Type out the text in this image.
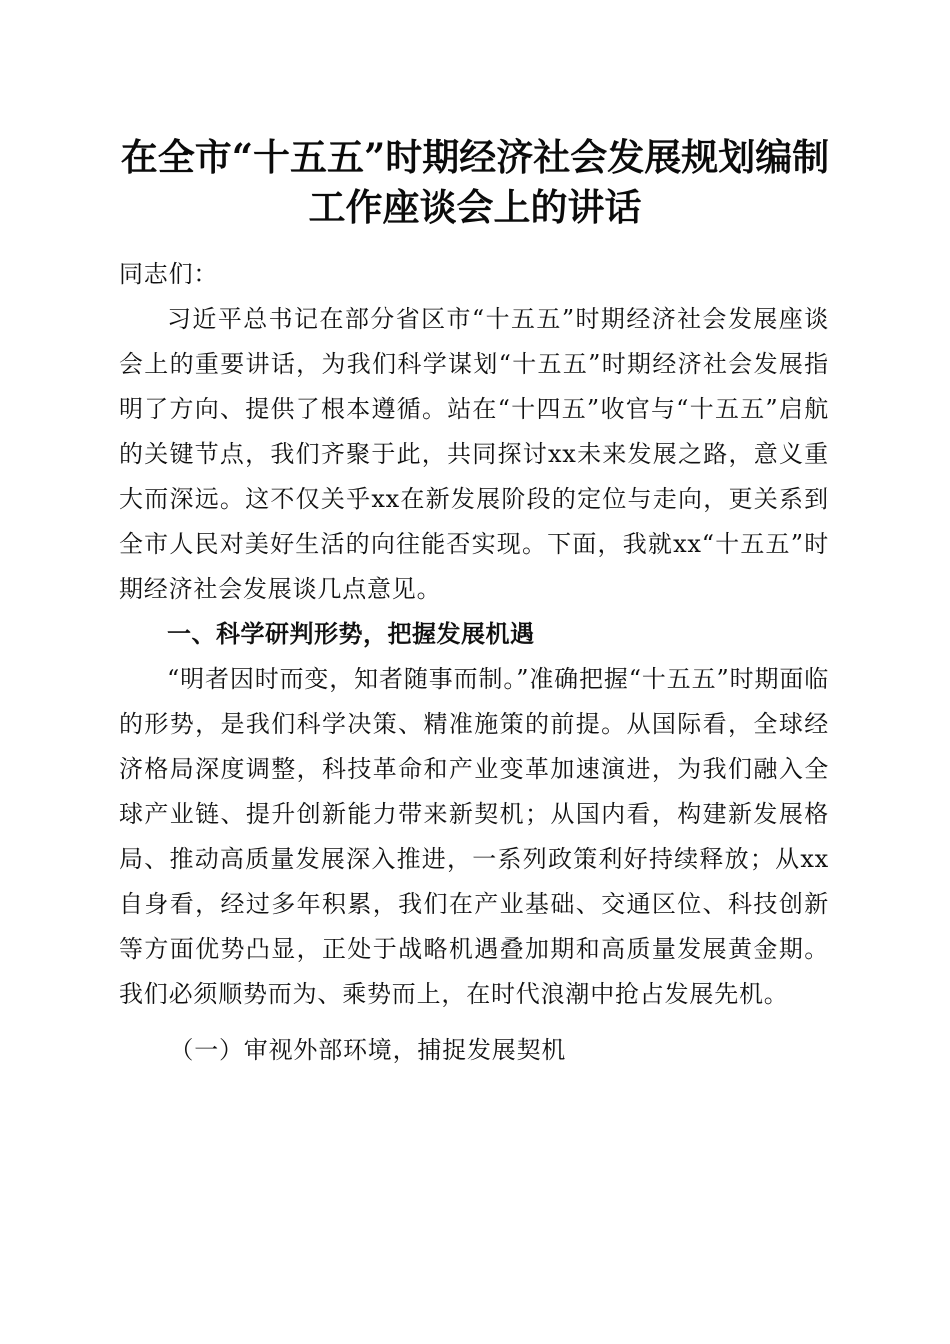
在全市“十五五”时期经济社会发展规划编制
工作座谈会上的讲话

同志们：

习近平总书记在部分省区市“十五五”时期经济社会发展座谈会上的重要讲话，为我们科学谋划“十五五”时期经济社会发展指明了方向、提供了根本遵循。站在“十四五”收官与“十五五”启航的关键节点，我们齐聚于此，共同探讨xx未来发展之路，意义重大而深远。这不仅关乎xx在新发展阶段的定位与走向，更关系到全市人民对美好生活的向往能否实现。下面，我就xx“十五五”时期经济社会发展谈几点意见。

一、科学研判形势，把握发展机遇

“明者因时而变，知者随事而制。”准确把握“十五五”时期面临的形势，是我们科学决策、精准施策的前提。从国际看，全球经济格局深度调整，科技革命和产业变革加速演进，为我们融入全球产业链、提升创新能力带来新契机；从国内看，构建新发展格局、推动高质量发展深入推进，一系列政策利好持续释放；从xx自身看，经过多年积累，我们在产业基础、交通区位、科技创新等方面优势凸显，正处于战略机遇叠加期和高质量发展黄金期。我们必须顺势而为、乘势而上，在时代浪潮中抢占发展先机。

（一）审视外部环境，捕捉发展契机
